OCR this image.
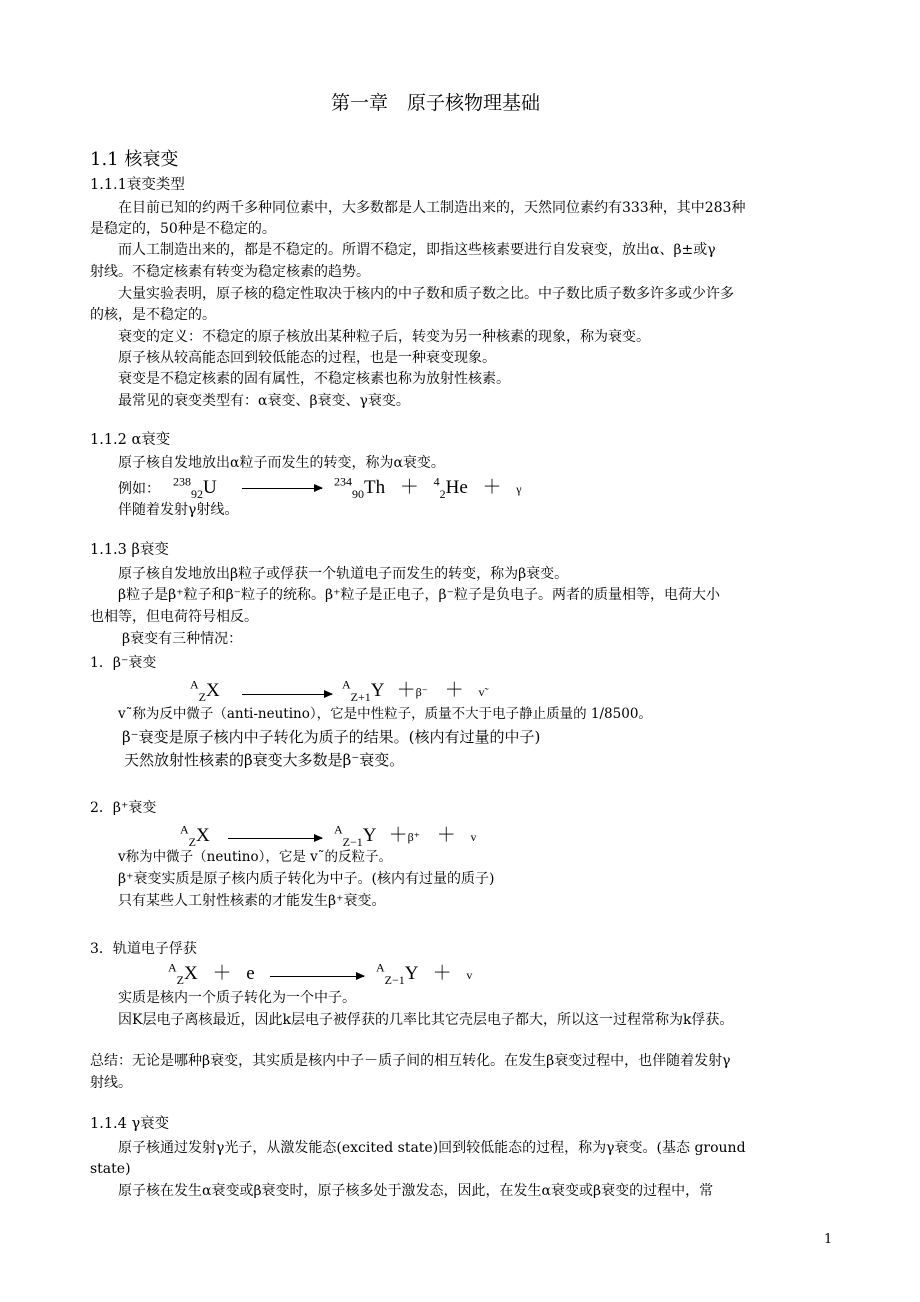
第一章　原子核物理基础
1.1 核衰变
1.1.1衰变类型
在目前已知的约两千多种同位素中，大多数都是人工制造出来的，天然同位素约有333种，其中283种
是稳定的，50种是不稳定的。
而人工制造出来的，都是不稳定的。所谓不稳定，即指这些核素要进行自发衰变，放出α、β±或γ
射线。不稳定核素有转变为稳定核素的趋势。
大量实验表明，原子核的稳定性取决于核内的中子数和质子数之比。中子数比质子数多许多或少许多
的核，是不稳定的。
衰变的定义：不稳定的原子核放出某种粒子后，转变为另一种核素的现象，称为衰变。
原子核从较高能态回到较低能态的过程，也是一种衰变现象。
衰变是不稳定核素的固有属性，不稳定核素也称为放射性核素。
最常见的衰变类型有：α衰变、β衰变、γ衰变。
1.1.2 α衰变
原子核自发地放出α粒子而发生的转变，称为α衰变。
例如： $^{238}_{92}$U	$^{234}_{90}$Th ＋ $^4_2$He ＋ γ
伴随着发射γ射线。
1.1.3 β衰变
原子核自发地放出β粒子或俘获一个轨道电子而发生的转变，称为β衰变。
β粒子是β⁺粒子和β⁻粒子的统称。β⁺粒子是正电子，β⁻粒子是负电子。两者的质量相等，电荷大小
也相等，但电荷符号相反。
β衰变有三种情况：
1．β⁻衰变
$^A_Z$X	$^A_{Z+1}$Y ＋β⁻ ＋ v˜
v˜称为反中微子（anti-neutino），它是中性粒子，质量不大于电子静止质量的 1/8500。
β⁻衰变是原子核内中子转化为质子的结果。(核内有过量的中子)
天然放射性核素的β衰变大多数是β⁻衰变。
2．β⁺衰变
$^A_Z$X	$^A_{Z-1}$Y ＋β⁺ ＋ v
v称为中微子（neutino），它是 v˜的反粒子。
β⁺衰变实质是原子核内质子转化为中子。(核内有过量的质子)
只有某些人工射性核素的才能发生β⁺衰变。
3．轨道电子俘获
$^A_Z$X ＋ e	$^A_{Z-1}$Y ＋ v
实质是核内一个质子转化为一个中子。
因K层电子离核最近，因此k层电子被俘获的几率比其它壳层电子都大，所以这一过程常称为k俘获。
总结：无论是哪种β衰变，其实质是核内中子－质子间的相互转化。在发生β衰变过程中，也伴随着发射γ
射线。
1.1.4 γ衰变
原子核通过发射γ光子，从激发能态(excited state)回到较低能态的过程，称为γ衰变。(基态 ground
state)
原子核在发生α衰变或β衰变时，原子核多处于激发态，因此，在发生α衰变或β衰变的过程中，常
1
